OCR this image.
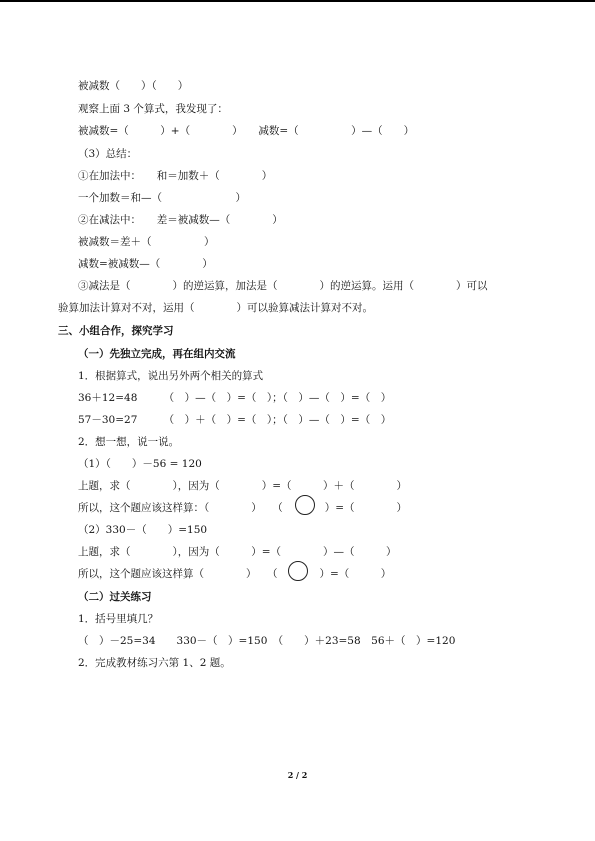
被减数（　　）（　　）
观察上面 3 个算式，我发现了：
被减数=（　　　）+（　　　　）　　减数=（　　　　　）—（　　）
（3）总结：
①在加法中：　　和＝加数＋（　　　　）
一个加数＝和—（　　　　　　　）
②在减法中：　　差＝被减数—（　　　　）
被减数＝差＋（　　　　　）
减数=被减数—（　　　　）
③减法是（　　　　）的逆运算，加法是（　　　　）的逆运算。运用（　　　　）可以
验算加法计算对不对，运用（　　　　）可以验算减法计算对不对。
三、小组合作，探究学习
（一）先独立完成，再在组内交流
1．根据算式，说出另外两个相关的算式
36＋12=48　　　（　）—（　）=（　）；（　）—（　）=（　）
57－30=27　　　（　）＋（　）=（　）；（　）—（　）=（　）
2．想一想，说一说。
（1）（　　）－56 = 120
上题，求（　　　　），因为（　　　　）=（　　　）＋（　　　　）
所以，这个题应该这样算：（　　　　）　　（　　　　）=（　　　　）
（2）330－（　　）=150
上题，求（　　　　），因为（　　　）=（　　　　）—（　　　）
所以，这个题应该这样算（　　　　）　　（　　　　）=（　　　）
（二）过关练习
1．括号里填几？
（　）－25=34　　330－（　）=150　（　　）＋23=58　56＋（　）=120
2．完成教材练习六第 1、2 题。
2 / 2
